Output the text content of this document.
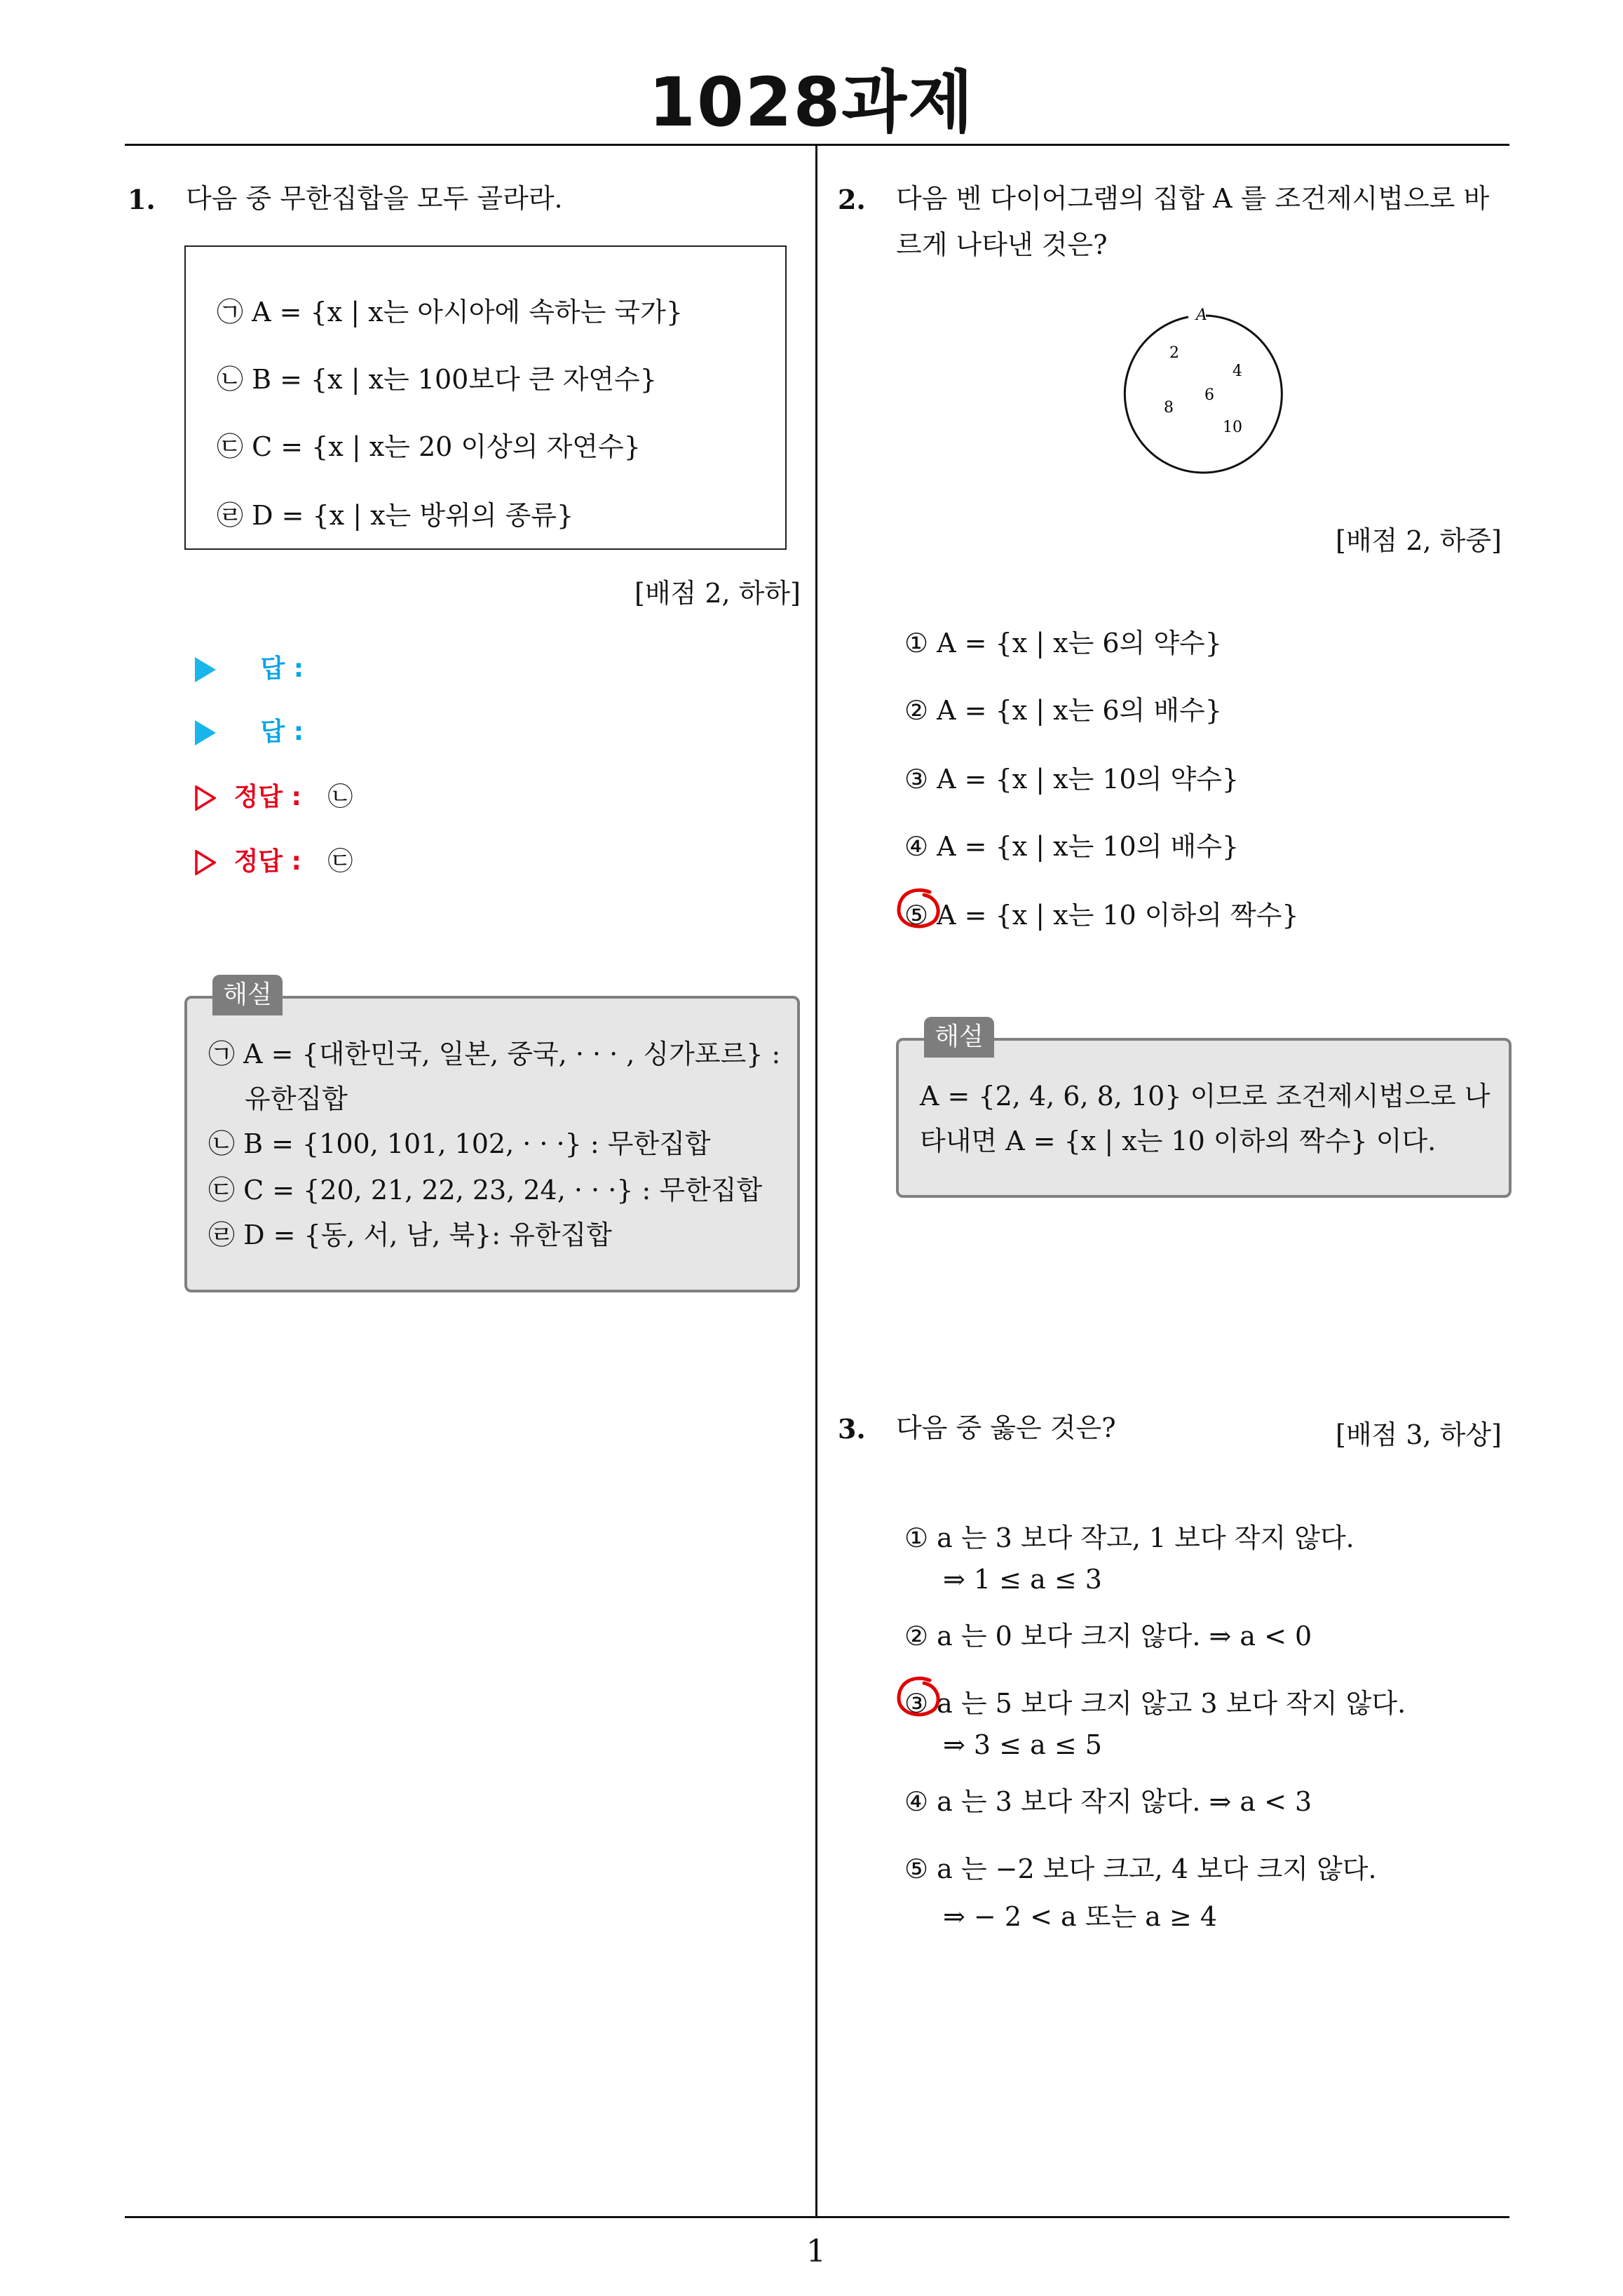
1028과제
1
1. 다음 중 무한집합을 모두 골라라.
㉠ A = {x | x는 아시아에 속하는 국가}
㉡ B = {x | x는 100보다 큰 자연수}
㉢ C = {x | x는 20 이상의 자연수}
㉣ D = {x | x는 방위의 종류}
[배점 2, 하하]
답 :
답 :
정답 : ㉡
정답 : ㉢
㉠ A = {대한민국, 일본, 중국, · · · , 싱가포르} :
유한집합
㉡ B = {100, 101, 102, · · ·} : 무한집합
㉢ C = {20, 21, 22, 23, 24, · · ·} : 무한집합
㉣ D = {동, 서, 남, 북}: 유한집합
해설
2. 다음 벤 다이어그램의 집합 A 를 조건제시법으로 바
르게 나타낸 것은?
A
2
4
6
8
10
[배점 2, 하중]
① A = {x | x는 6의 약수}
② A = {x | x는 6의 배수}
③ A = {x | x는 10의 약수}
④ A = {x | x는 10의 배수}
⑤ A = {x | x는 10 이하의 짝수}
A = {2, 4, 6, 8, 10} 이므로 조건제시법으로 나
타내면 A = {x | x는 10 이하의 짝수} 이다.
해설
3. 다음 중 옳은 것은?	[배점 3, 하상]
① a 는 3 보다 작고, 1 보다 작지 않다.
⇒ 1 ≤ a ≤ 3
② a 는 0 보다 크지 않다. ⇒ a < 0
③ a 는 5 보다 크지 않고 3 보다 작지 않다.
⇒ 3 ≤ a ≤ 5
④ a 는 3 보다 작지 않다. ⇒ a < 3
⑤ a 는 −2 보다 크고, 4 보다 크지 않다.
⇒ − 2 < a 또는 a ≥ 4
